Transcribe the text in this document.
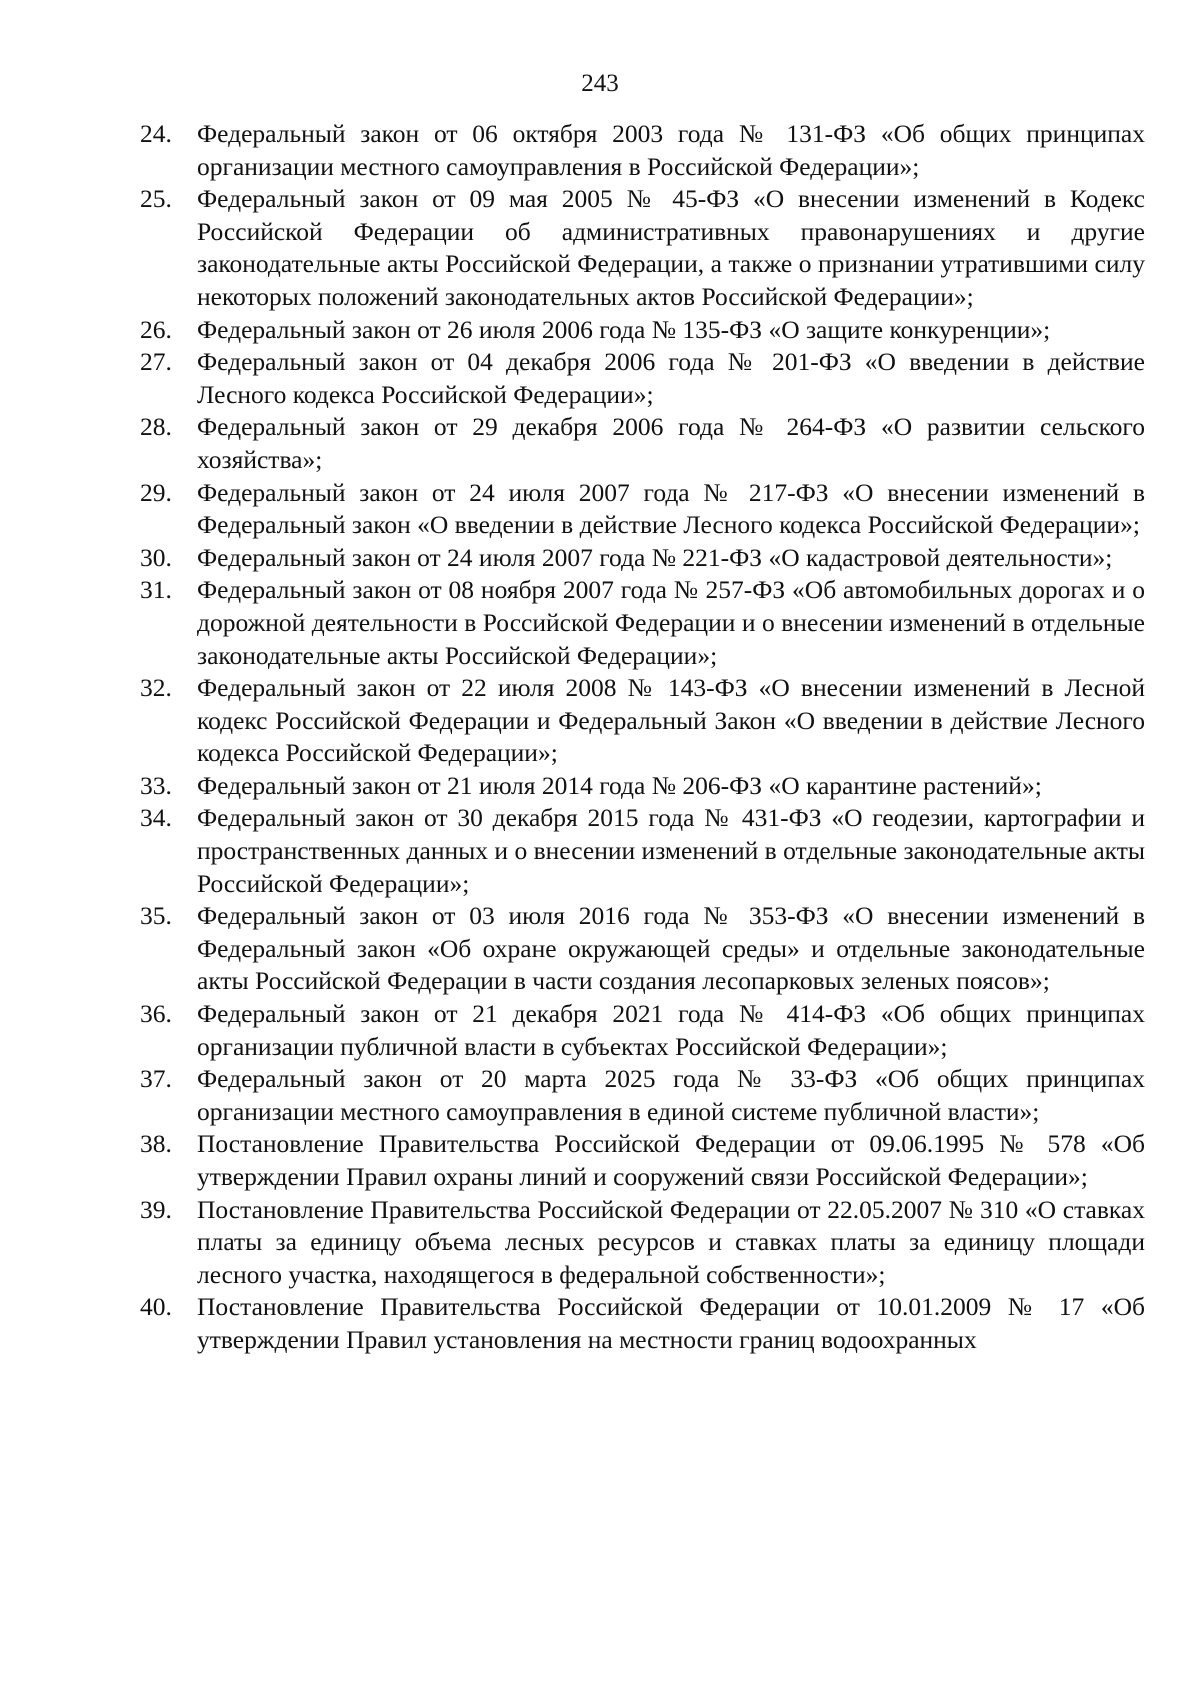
243
24. Федеральный закон от 06 октября 2003 года № 131-ФЗ «Об общих принципах организации местного самоуправления в Российской Федерации»;
25. Федеральный закон от 09 мая 2005 № 45-ФЗ «О внесении изменений в Кодекс Российской Федерации об административных правонарушениях и другие законодательные акты Российской Федерации, а также о признании утратившими силу некоторых положений законодательных актов Российской Федерации»;
26. Федеральный закон от 26 июля 2006 года № 135-ФЗ «О защите конкуренции»;
27. Федеральный закон от 04 декабря 2006 года № 201-ФЗ «О введении в действие Лесного кодекса Российской Федерации»;
28. Федеральный закон от 29 декабря 2006 года № 264-ФЗ «О развитии сельского хозяйства»;
29. Федеральный закон от 24 июля 2007 года № 217-ФЗ «О внесении изменений в Федеральный закон «О введении в действие Лесного кодекса Российской Федерации»;
30. Федеральный закон от 24 июля 2007 года № 221-ФЗ «О кадастровой деятельности»;
31. Федеральный закон от 08 ноября 2007 года № 257-ФЗ «Об автомобильных дорогах и о дорожной деятельности в Российской Федерации и о внесении изменений в отдельные законодательные акты Российской Федерации»;
32. Федеральный закон от 22 июля 2008 № 143-ФЗ «О внесении изменений в Лесной кодекс Российской Федерации и Федеральный Закон «О введении в действие Лесного кодекса Российской Федерации»;
33. Федеральный закон от 21 июля 2014 года № 206-ФЗ «О карантине растений»;
34. Федеральный закон от 30 декабря 2015 года № 431-ФЗ «О геодезии, картографии и пространственных данных и о внесении изменений в отдельные законодательные акты Российской Федерации»;
35. Федеральный закон от 03 июля 2016 года № 353-ФЗ «О внесении изменений в Федеральный закон «Об охране окружающей среды» и отдельные законодательные акты Российской Федерации в части создания лесопарковых зеленых поясов»;
36. Федеральный закон от 21 декабря 2021 года № 414-ФЗ «Об общих принципах организации публичной власти в субъектах Российской Федерации»;
37. Федеральный закон от 20 марта 2025 года № 33-ФЗ «Об общих принципах организации местного самоуправления в единой системе публичной власти»;
38. Постановление Правительства Российской Федерации от 09.06.1995 № 578 «Об утверждении Правил охраны линий и сооружений связи Российской Федерации»;
39. Постановление Правительства Российской Федерации от 22.05.2007 № 310 «О ставках платы за единицу объема лесных ресурсов и ставках платы за единицу площади лесного участка, находящегося в федеральной собственности»;
40. Постановление Правительства Российской Федерации от 10.01.2009 № 17 «Об утверждении Правил установления на местности границ водоохранных
